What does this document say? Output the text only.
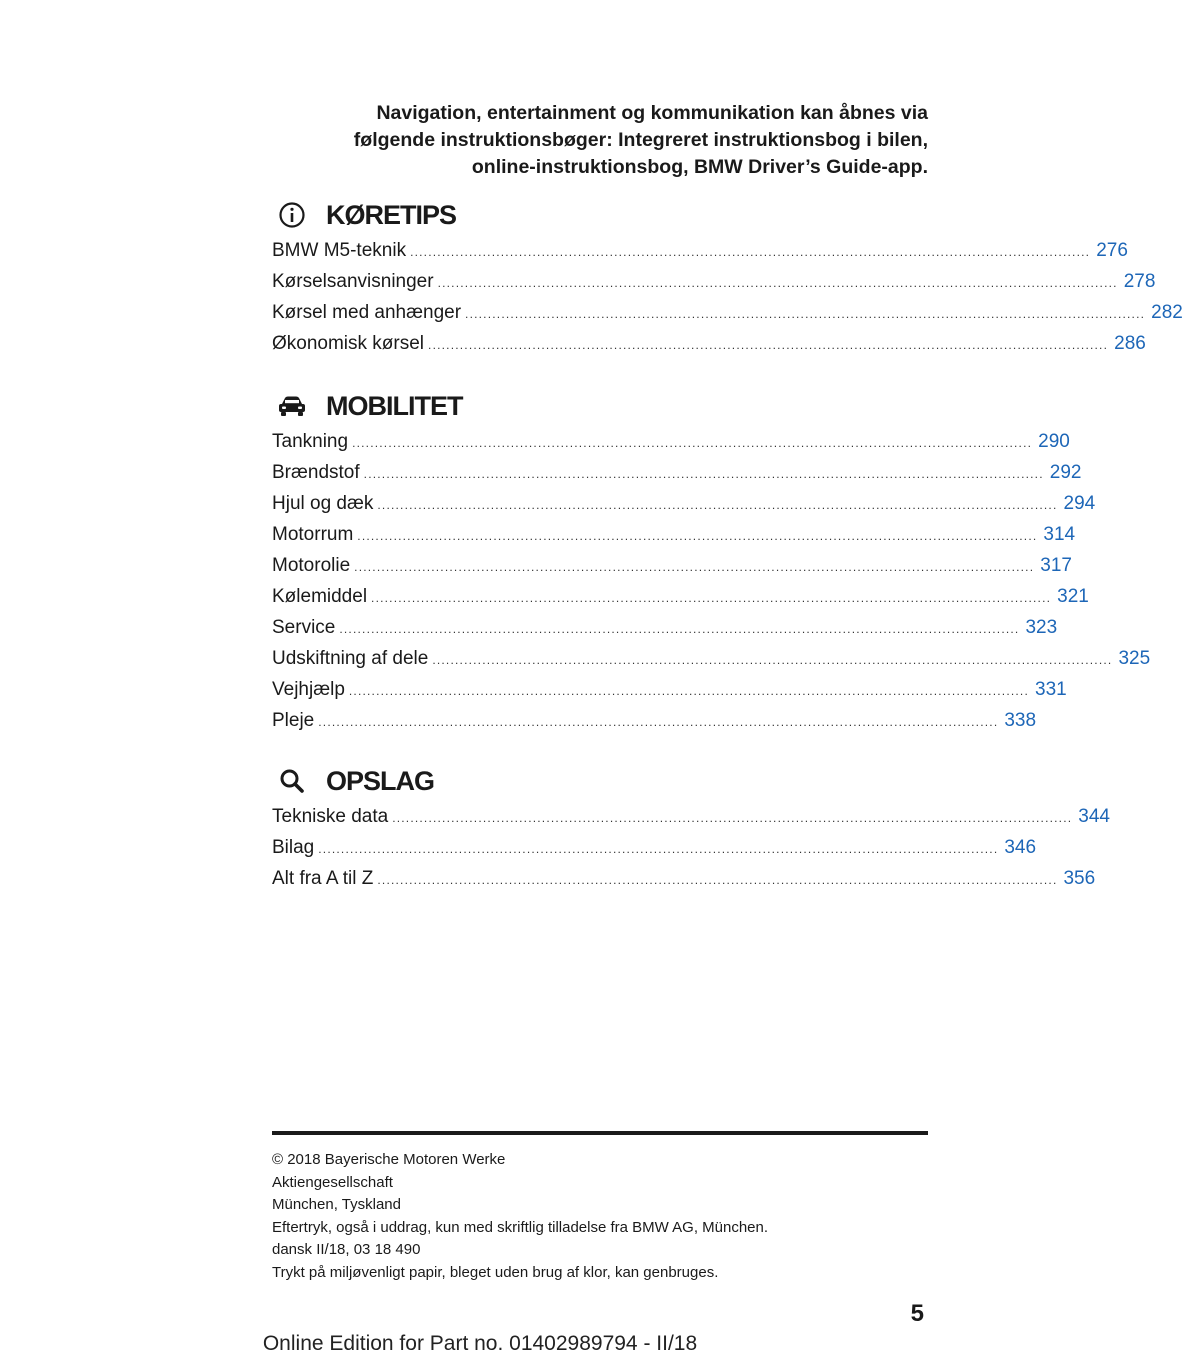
Navigation, entertainment og kommunikation kan åbnes via
følgende instruktionsbøger: Integreret instruktionsbog i bilen,
online-instruktionsbog, BMW Driver’s Guide-app.
KØRETIPS
BMW M5-teknik ...................................................................................................................................................... 276
Kørselsanvisninger ...................................................................................................................................................... 278
Kørsel med anhænger ...................................................................................................................................................... 282
Økonomisk kørsel ...................................................................................................................................................... 286
MOBILITET
Tankning ...................................................................................................................................................... 290
Brændstof ...................................................................................................................................................... 292
Hjul og dæk ...................................................................................................................................................... 294
Motorrum ...................................................................................................................................................... 314
Motorolie ...................................................................................................................................................... 317
Kølemiddel ...................................................................................................................................................... 321
Service ...................................................................................................................................................... 323
Udskiftning af dele ...................................................................................................................................................... 325
Vejhjælp ...................................................................................................................................................... 331
Pleje ...................................................................................................................................................... 338
OPSLAG
Tekniske data ...................................................................................................................................................... 344
Bilag ...................................................................................................................................................... 346
Alt fra A til Z ...................................................................................................................................................... 356
© 2018 Bayerische Motoren Werke
Aktiengesellschaft
München, Tyskland
Eftertryk, også i uddrag, kun med skriftlig tilladelse fra BMW AG, München.
dansk II/18, 03 18 490
Trykt på miljøvenligt papir, bleget uden brug af klor, kan genbruges.
5
Online Edition for Part no. 01402989794 - II/18
